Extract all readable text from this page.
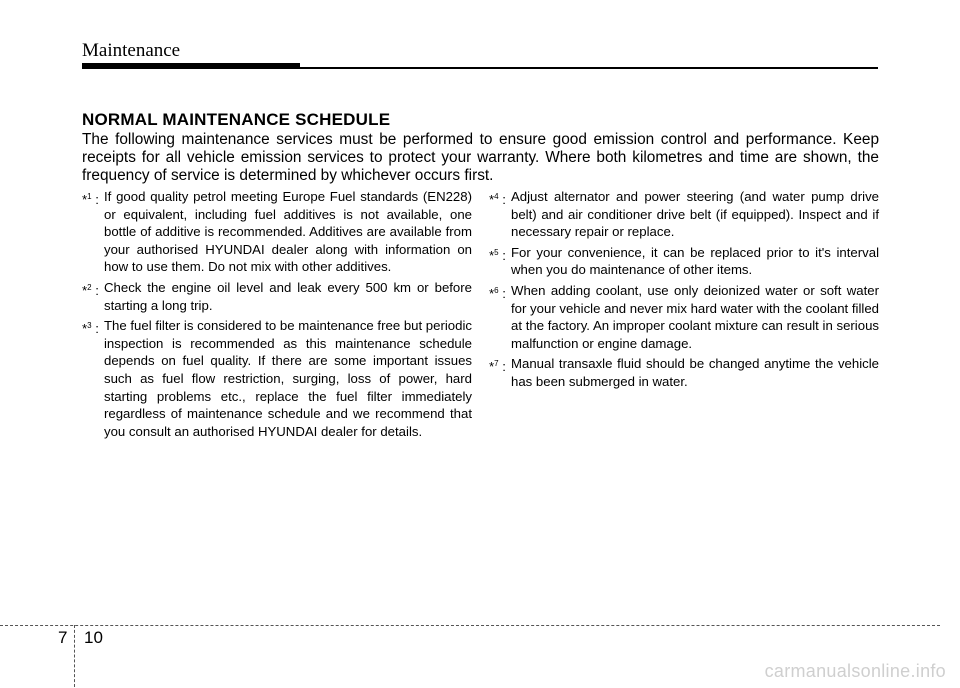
Maintenance
NORMAL MAINTENANCE SCHEDULE

The following maintenance services must be performed to ensure good emission control and performance. Keep receipts for all vehicle emission services to protect your warranty. Where both kilometres and time are shown, the frequency of service is determined by whichever occurs first.

*$^1$ : If good quality petrol meeting Europe Fuel standards (EN228) or equivalent, including fuel additives is not available, one bottle of additive is recommended. Additives are available from your authorised HYUNDAI dealer along with information on how to use them. Do not mix with other additives.

*$^2$ : Check the engine oil level and leak every 500 km or before starting a long trip.

*$^3$ : The fuel filter is considered to be maintenance free but periodic inspection is recommended as this maintenance schedule depends on fuel quality. If there are some important issues such as fuel flow restriction, surging, loss of power, hard starting problems etc., replace the fuel filter immediately regardless of maintenance schedule and we recommend that you consult an authorised HYUNDAI dealer for details.

*$^4$ : Adjust alternator and power steering (and water pump drive belt) and air conditioner drive belt (if equipped). Inspect and if necessary repair or replace.

*$^5$ : For your convenience, it can be replaced prior to it's interval when you do maintenance of other items.

*$^6$ : When adding coolant, use only deionized water or soft water for your vehicle and never mix hard water with the coolant filled at the factory. An improper coolant mixture can result in serious malfunction or engine damage.

*$^7$ : Manual transaxle fluid should be changed anytime the vehicle has been submerged in water.

7 10
carmanualsonline.info
